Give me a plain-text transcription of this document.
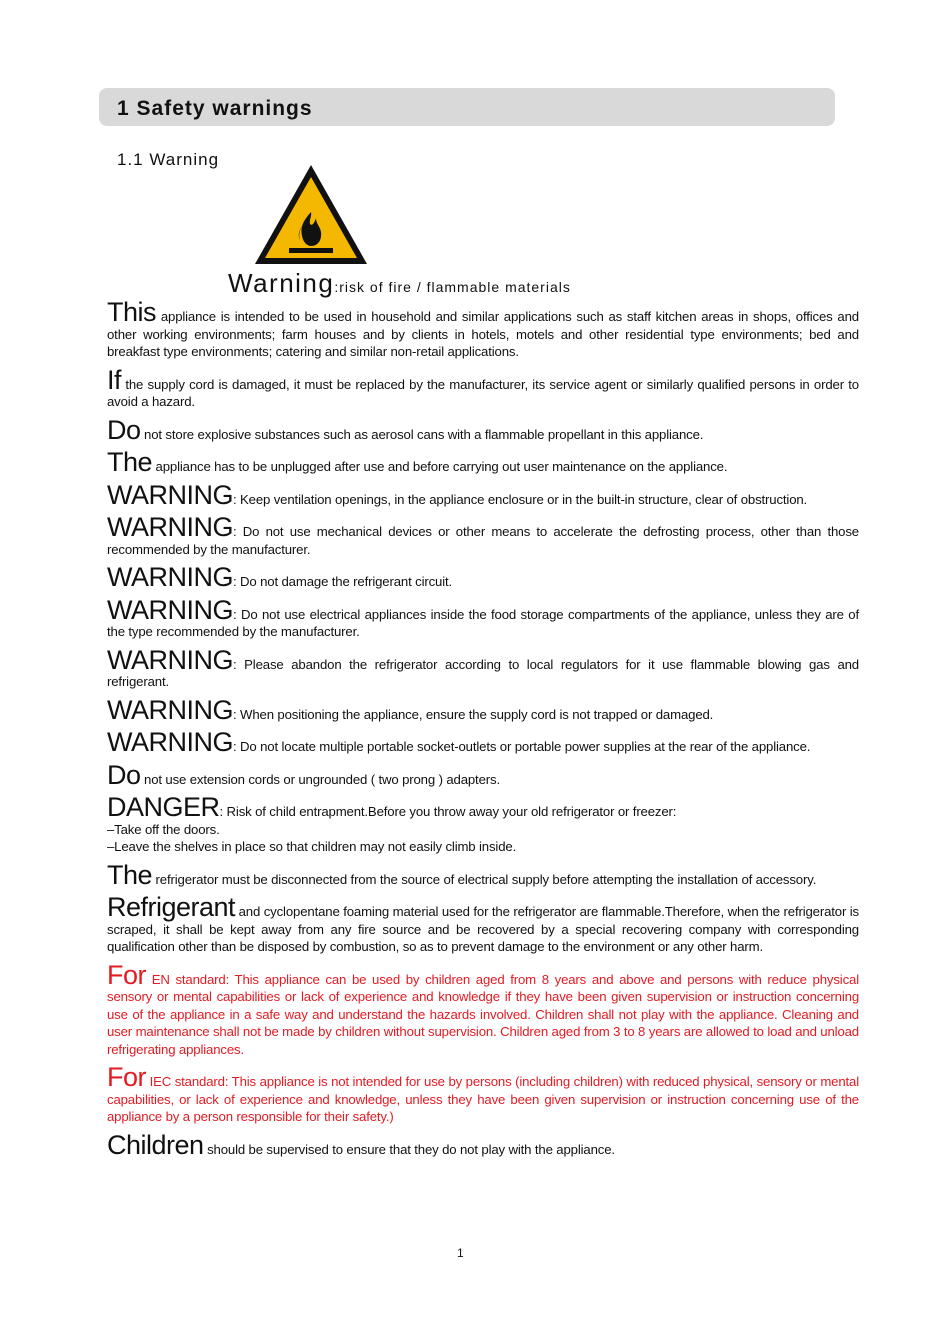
1 Safety warnings
1.1 Warning
Warning:risk of fire / flammable materials

This appliance is intended to be used in household and similar applications such as staff kitchen areas in shops, offices and other working environments; farm houses and by clients in hotels, motels and other residential type environments; bed and breakfast type environments; catering and similar non-retail applications.

If the supply cord is damaged, it must be replaced by the manufacturer, its service agent or similarly qualified persons in order to avoid a hazard.

Do not store explosive substances such as aerosol cans with a flammable propellant in this appliance.

The appliance has to be unplugged after use and before carrying out user maintenance on the appliance.

WARNING: Keep ventilation openings, in the appliance enclosure or in the built-in structure, clear of obstruction.

WARNING: Do not use mechanical devices or other means to accelerate the defrosting process, other than those recommended by the manufacturer.

WARNING: Do not damage the refrigerant circuit.

WARNING: Do not use electrical appliances inside the food storage compartments of the appliance, unless they are of the type recommended by the manufacturer.

WARNING: Please abandon the refrigerator according to local regulators for it use flammable blowing gas and refrigerant.

WARNING: When positioning the appliance, ensure the supply cord is not trapped or damaged.

WARNING: Do not locate multiple portable socket-outlets or portable power supplies at the rear of the appliance.

Do not use extension cords or ungrounded ( two prong ) adapters.

DANGER: Risk of child entrapment.Before you throw away your old refrigerator or freezer:

–Take off the doors.

–Leave the shelves in place so that children may not easily climb inside.

The refrigerator must be disconnected from the source of electrical supply before attempting the installation of accessory.

Refrigerant and cyclopentane foaming material used for the refrigerator are flammable.Therefore, when the refrigerator is scraped, it shall be kept away from any fire source and be recovered by a special recovering company with corresponding qualification other than be disposed by combustion, so as to prevent damage to the environment or any other harm.

For EN standard: This appliance can be used by children aged from 8 years and above and persons with reduce physical sensory or mental capabilities or lack of experience and knowledge if they have been given supervision or instruction concerning use of the appliance in a safe way and understand the hazards involved. Children shall not play with the appliance. Cleaning and user maintenance shall not be made by children without supervision. Children aged from 3 to 8 years are allowed to load and unload refrigerating appliances.

For IEC standard: This appliance is not intended for use by persons (including children) with reduced physical, sensory or mental capabilities, or lack of experience and knowledge, unless they have been given supervision or instruction concerning use of the appliance by a person responsible for their safety.)

Children should be supervised to ensure that they do not play with the appliance.

1
